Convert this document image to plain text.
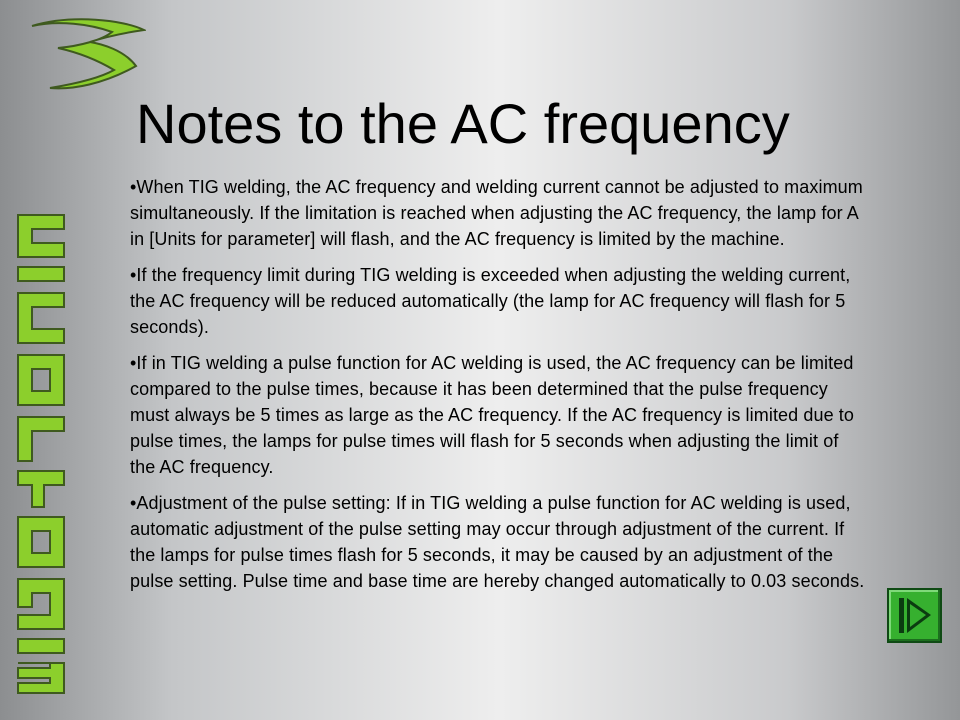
Notes to the AC frequency

•When TIG welding, the AC frequency and welding current cannot be adjusted to maximum simultaneously. If the limitation is reached when adjusting the AC frequency, the lamp for A in [Units for parameter] will flash, and the AC frequency is limited by the machine.

•If the frequency limit during TIG welding is exceeded when adjusting the welding current, the AC frequency will be reduced automatically (the lamp for AC frequency will flash for 5 seconds).

•If in TIG welding a pulse function for AC welding is used, the AC frequency can be limited compared to the pulse times, because it has been determined that the pulse frequency must always be 5 times as large as the AC frequency. If the AC frequency is limited due to pulse times, the lamps for pulse times will flash for 5 seconds when adjusting the limit of the AC frequency.

•Adjustment of the pulse setting: If in TIG welding a pulse function for AC welding is used, automatic adjustment of the pulse setting may occur through adjustment of the current. If the lamps for pulse times flash for 5 seconds, it may be caused by an adjustment of the pulse setting. Pulse time and base time are hereby changed automatically to 0.03 seconds.
